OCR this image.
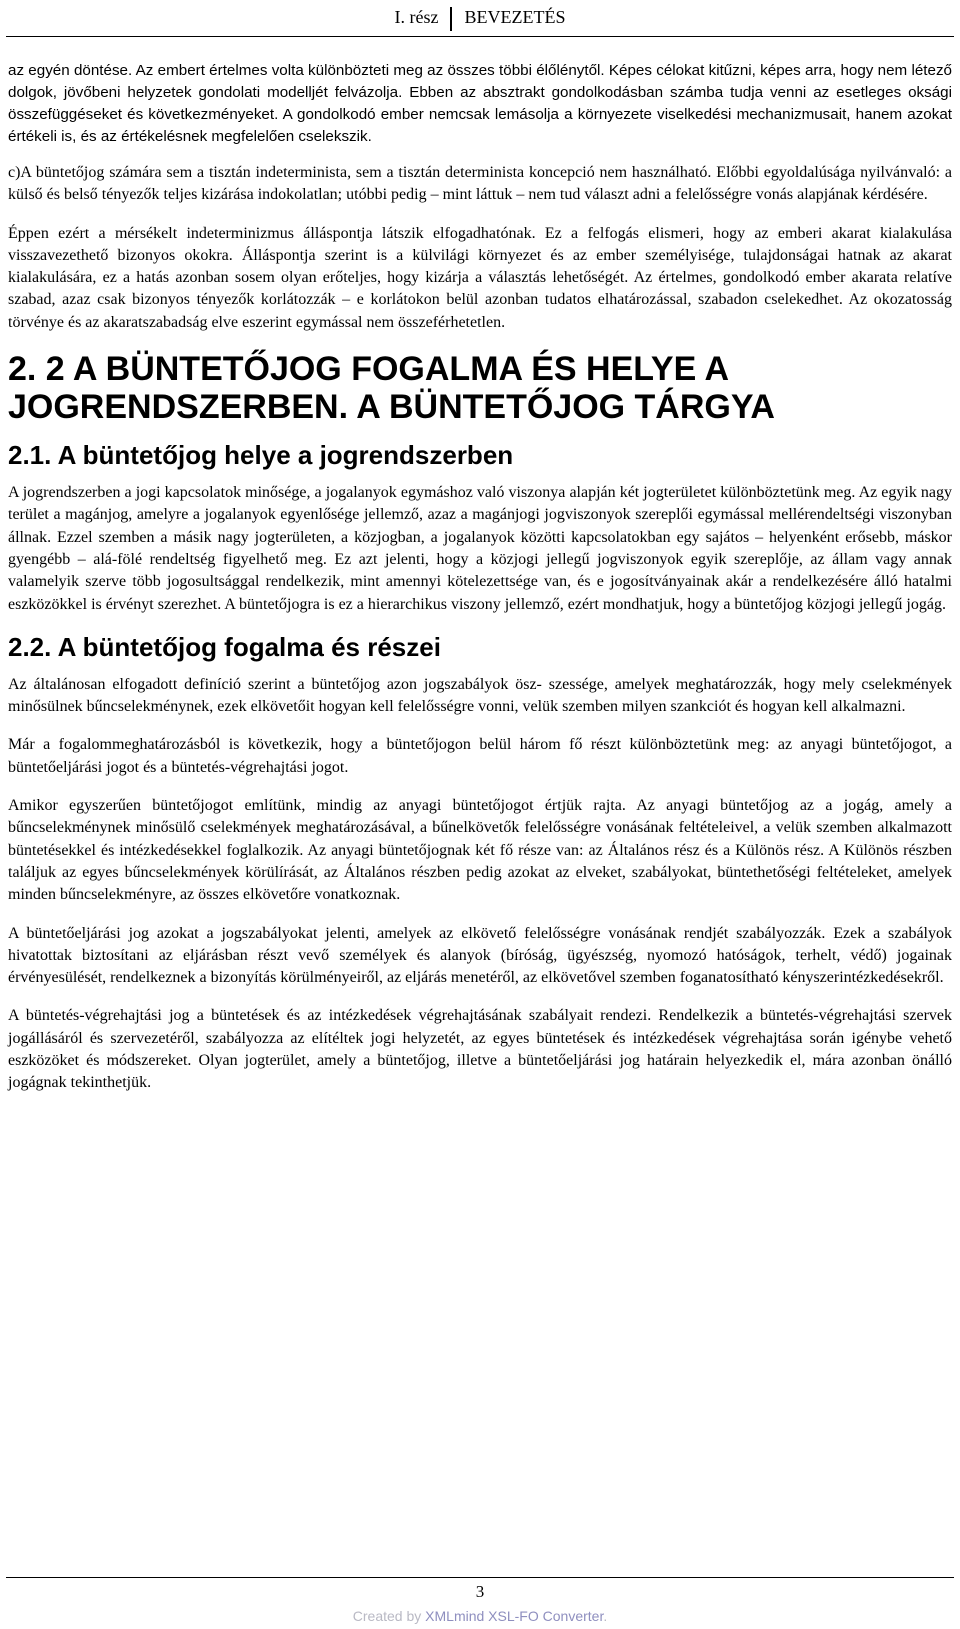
I. rész BEVEZETÉS

az egyén döntése. Az embert értelmes volta különbözteti meg az összes többi élőlénytől. Képes célokat kitűzni, képes arra, hogy nem létező dolgok, jövőbeni helyzetek gondolati modelljét felvázolja. Ebben az absztrakt gondolkodásban számba tudja venni az esetleges oksági összefüggéseket és következményeket. A gondolkodó ember nemcsak lemásolja a környezete viselkedési mechanizmusait, hanem azokat értékeli is, és az értékelésnek megfelelően cselekszik.

c)A büntetőjog számára sem a tisztán indeterminista, sem a tisztán determinista koncepció nem használható. Előbbi egyoldalúsága nyilvánvaló: a külső és belső tényezők teljes kizárása indokolatlan; utóbbi pedig – mint láttuk – nem tud választ adni a felelősségre vonás alapjának kérdésére.

Éppen ezért a mérsékelt indeterminizmus álláspontja látszik elfogadhatónak. Ez a felfogás elismeri, hogy az emberi akarat kialakulása visszavezethető bizonyos okokra. Álláspontja szerint is a külvilági környezet és az ember személyisége, tulajdonságai hatnak az akarat kialakulására, ez a hatás azonban sosem olyan erőteljes, hogy kizárja a választás lehetőségét. Az értelmes, gondolkodó ember akarata relatíve szabad, azaz csak bizonyos tényezők korlátozzák – e korlátokon belül azonban tudatos elhatározással, szabadon cselekedhet. Az okozatosság törvénye és az akaratszabadság elve eszerint egymással nem összeférhetetlen.

2. 2 A BÜNTETŐJOG FOGALMA ÉS HELYE A JOGRENDSZERBEN. A BÜNTETŐJOG TÁRGYA
2.1. A büntetőjog helye a jogrendszerben

A jogrendszerben a jogi kapcsolatok minősége, a jogalanyok egymáshoz való viszonya alapján két jogterületet különböztetünk meg. Az egyik nagy terület a magánjog, amelyre a jogalanyok egyenlősége jellemző, azaz a magánjogi jogviszonyok szereplői egymással mellérendeltségi viszonyban állnak. Ezzel szemben a másik nagy jogterületen, a közjogban, a jogalanyok közötti kapcsolatokban egy sajátos – helyenként erősebb, máskor gyengébb – alá-fölé rendeltség figyelhető meg. Ez azt jelenti, hogy a közjogi jellegű jogviszonyok egyik szereplője, az állam vagy annak valamelyik szerve több jogosultsággal rendelkezik, mint amennyi kötelezettsége van, és e jogosítványainak akár a rendelkezésére álló hatalmi eszközökkel is érvényt szerezhet. A büntetőjogra is ez a hierarchikus viszony jellemző, ezért mondhatjuk, hogy a büntetőjog közjogi jellegű jogág.

2.2. A büntetőjog fogalma és részei

Az általánosan elfogadott definíció szerint a büntetőjog azon jogszabályok ösz- szessége, amelyek meghatározzák, hogy mely cselekmények minősülnek bűncselekménynek, ezek elkövetőit hogyan kell felelősségre vonni, velük szemben milyen szankciót és hogyan kell alkalmazni.

Már a fogalommeghatározásból is következik, hogy a büntetőjogon belül három fő részt különböztetünk meg: az anyagi büntetőjogot, a büntetőeljárási jogot és a büntetés-végrehajtási jogot.

Amikor egyszerűen büntetőjogot említünk, mindig az anyagi büntetőjogot értjük rajta. Az anyagi büntetőjog az a jogág, amely a bűncselekménynek minősülő cselekmények meghatározásával, a bűnelkövetők felelősségre vonásának feltételeivel, a velük szemben alkalmazott büntetésekkel és intézkedésekkel foglalkozik. Az anyagi büntetőjognak két fő része van: az Általános rész és a Különös rész. A Különös részben találjuk az egyes bűncselekmények körülírását, az Általános részben pedig azokat az elveket, szabályokat, büntethetőségi feltételeket, amelyek minden bűncselekményre, az összes elkövetőre vonatkoznak.

A büntetőeljárási jog azokat a jogszabályokat jelenti, amelyek az elkövető felelősségre vonásának rendjét szabályozzák. Ezek a szabályok hivatottak biztosítani az eljárásban részt vevő személyek és alanyok (bíróság, ügyészség, nyomozó hatóságok, terhelt, védő) jogainak érvényesülését, rendelkeznek a bizonyítás körülményeiről, az eljárás menetéről, az elkövetővel szemben foganatosítható kényszerintézkedésekről.

A büntetés-végrehajtási jog a büntetések és az intézkedések végrehajtásának szabályait rendezi. Rendelkezik a büntetés-végrehajtási szervek jogállásáról és szervezetéről, szabályozza az elítéltek jogi helyzetét, az egyes büntetések és intézkedések végrehajtása során igénybe vehető eszközöket és módszereket. Olyan jogterület, amely a büntetőjog, illetve a büntetőeljárási jog határain helyezkedik el, mára azonban önálló jogágnak tekinthetjük.

3
Created by XMLmind XSL-FO Converter.
